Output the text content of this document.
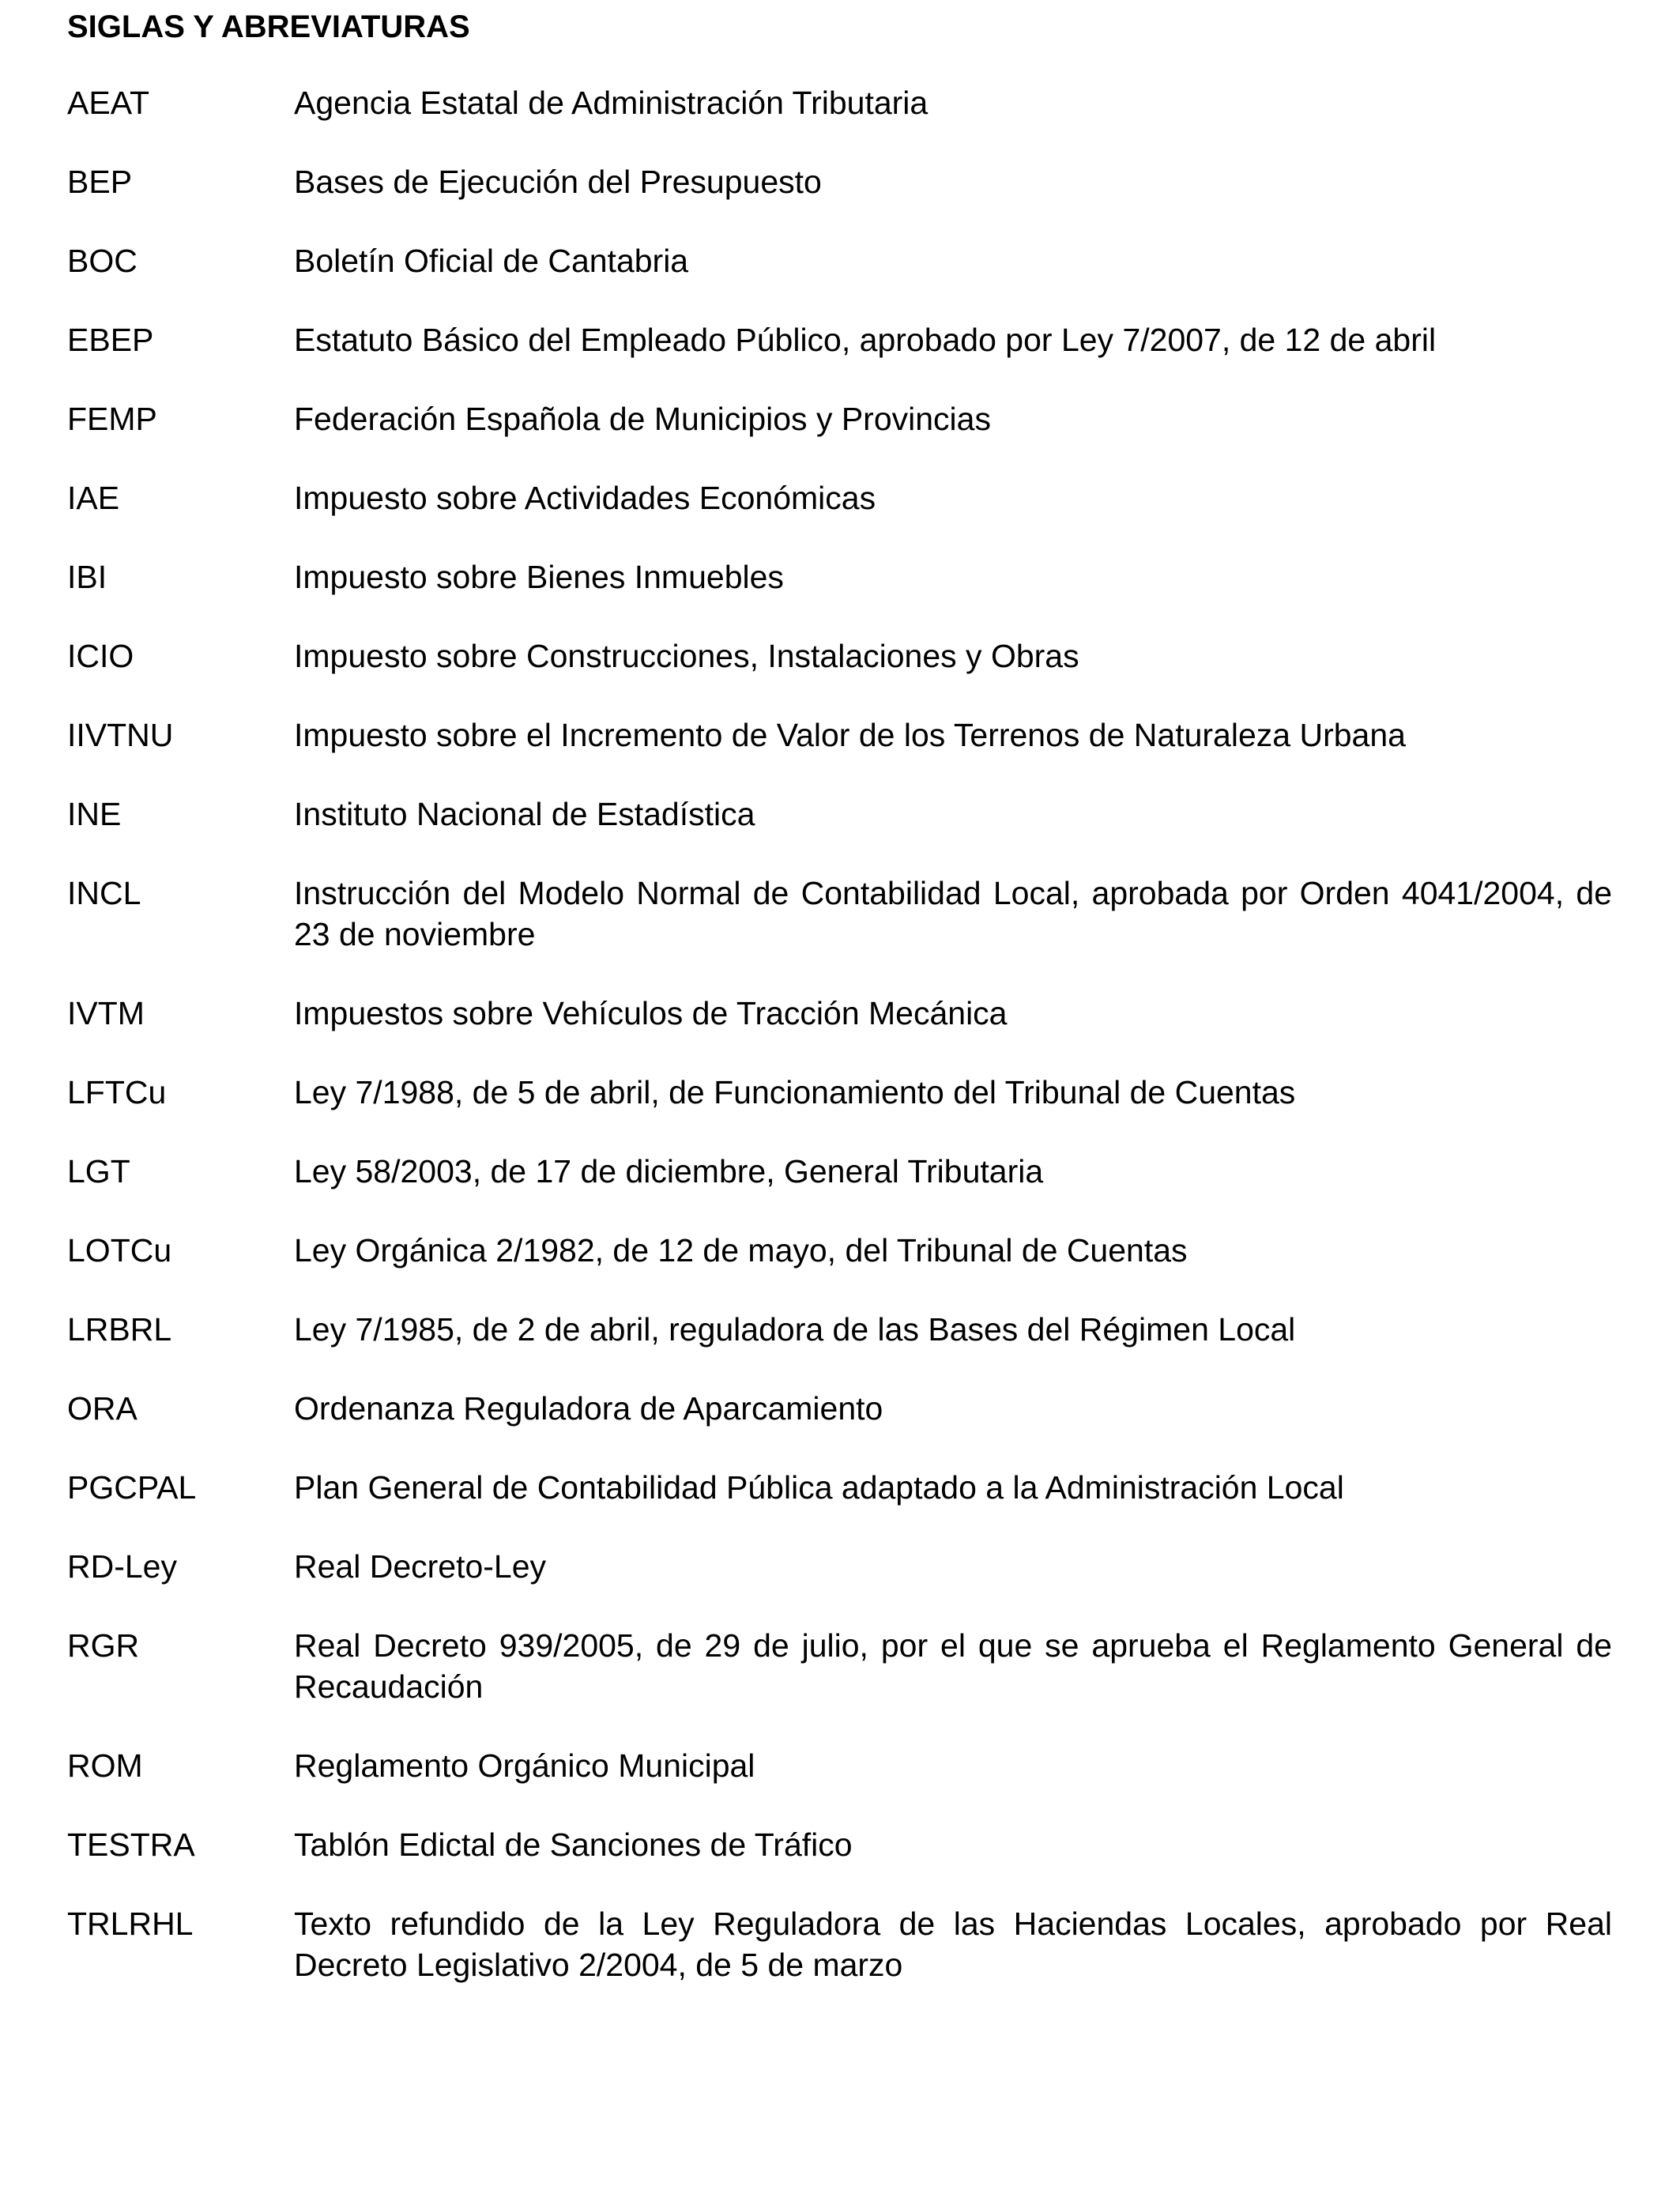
SIGLAS Y ABREVIATURAS
AEAT	Agencia Estatal de Administración Tributaria
BEP	Bases de Ejecución del Presupuesto
BOC	Boletín Oficial de Cantabria
EBEP	Estatuto Básico del Empleado Público, aprobado por Ley 7/2007, de 12 de abril
FEMP	Federación Española de Municipios y Provincias
IAE	Impuesto sobre Actividades Económicas
IBI	Impuesto sobre Bienes Inmuebles
ICIO	Impuesto sobre Construcciones, Instalaciones y Obras
IIVTNU	Impuesto sobre el Incremento de Valor de los Terrenos de Naturaleza Urbana
INE	Instituto Nacional de Estadística
INCL	Instrucción del Modelo Normal de Contabilidad Local, aprobada por Orden 4041/2004, de 23 de noviembre
IVTM	Impuestos sobre Vehículos de Tracción Mecánica
LFTCu	Ley 7/1988, de 5 de abril, de Funcionamiento del Tribunal de Cuentas
LGT	Ley 58/2003, de 17 de diciembre, General Tributaria
LOTCu	Ley Orgánica 2/1982, de 12 de mayo, del Tribunal de Cuentas
LRBRL	Ley 7/1985, de 2 de abril, reguladora de las Bases del Régimen Local
ORA	Ordenanza Reguladora de Aparcamiento
PGCPAL	Plan General de Contabilidad Pública adaptado a la Administración Local
RD-Ley	Real Decreto-Ley
RGR	Real Decreto 939/2005, de 29 de julio, por el que se aprueba el Reglamento General de Recaudación
ROM	Reglamento Orgánico Municipal
TESTRA	Tablón Edictal de Sanciones de Tráfico
TRLRHL	Texto refundido de la Ley Reguladora de las Haciendas Locales, aprobado por Real Decreto Legislativo 2/2004, de 5 de marzo
